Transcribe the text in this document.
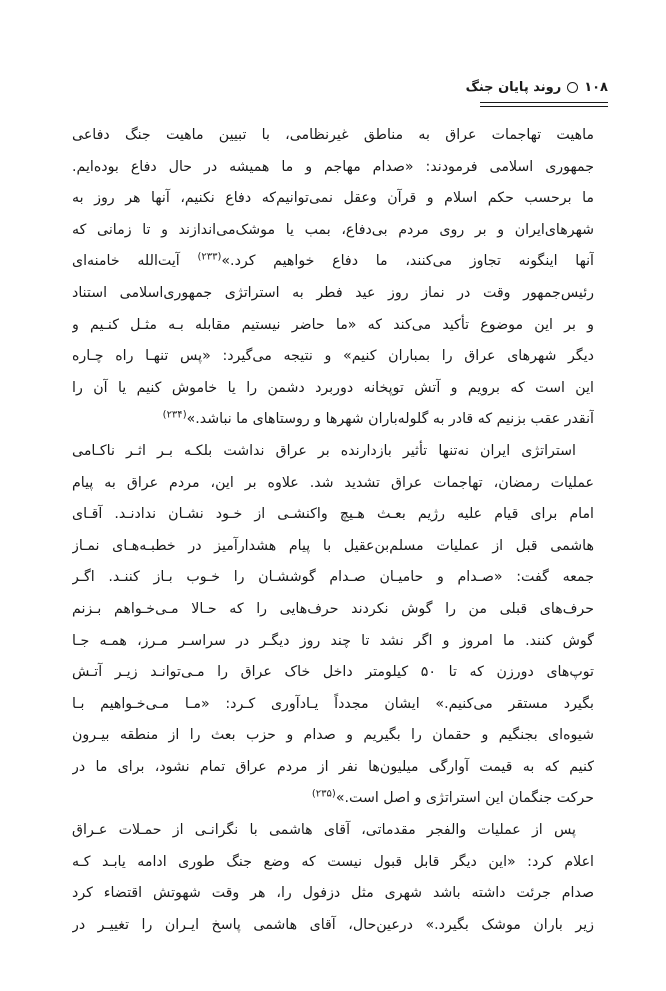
۱۰۸
روند پایان جنگ
ماهیت تهاجمات عراق به مناطق غیرنظامی، با تبیین ماهیت جنگ دفاعی
جمهوری اسلامی فرمودند: «صدام مهاجم و ما همیشه در حال دفاع بوده‌ایم.
ما برحسب حکم اسلام و قرآن وعقل نمی‌توانیم‌که دفاع نکنیم، آنها هر روز به
شهرهای‌ایران و بر روی مردم بی‌دفاع، بمب یا موشک‌می‌اندازند و تا زمانی که
آنها اینگونه تجاوز می‌کنند، ما دفاع خواهیم کرد.»$^{(۲۳۳)}$ آیت‌الله خامنه‌ای
رئیس‌جمهور وقت در نماز روز عید فطر به استراتژی جمهوری‌اسلامی استناد
و بر این موضوع تأکید می‌کند که «ما حاضر نیستیم مقابله بـه مثـل کنـیم و
دیگر شهرهای عراق را بمباران کنیم» و نتیجه می‌گیرد: «پس تنهـا راه چـاره
این است که برویم و آتش توپخانه دوربرد دشمن را یا خاموش کنیم یا آن را
آنقدر عقب بزنیم که قادر به گلوله‌باران شهرها و روستاهای ما نباشد.»$^{(۲۳۴)}$
استراتژی ایران نه‌تنها تأثیر بازدارنده بر عراق نداشت بلکـه بـر اثـر ناکـامی
عملیات رمضان، تهاجمات عراق تشدید شد. علاوه بر این، مردم عراق به پیام
امام برای قیام علیه رژیم بعـث هـیچ واکنشـی از خـود نشـان ندادنـد. آقـای
هاشمی قبل از عملیات مسلم‌بن‌عقیل با پیام هشدارآمیز در خطبـه‌هـای نمـاز
جمعه گفت: «صـدام و حامیـان صـدام گوششـان را خـوب بـاز کننـد. اگـر
حرف‌های قبلی من را گوش نکردند حرف‌هایی را که حـالا مـی‌خـواهم بـزنم
گوش کنند. ما امروز و اگر نشد تا چند روز دیگـر در سراسـر مـرز، همـه جـا
توپ‌های دورزن که تا ۵۰ کیلومتر داخل خاک عراق را مـی‌توانـد زیـر آتـش
بگیرد مستقر می‌کنیم.» ایشان مجدداً یـادآوری کـرد: «مـا مـی‌خـواهیم بـا
شیوه‌ای بجنگیم و حقمان را بگیریم و صدام و حزب بعث را از منطقه بیـرون
کنیم که به قیمت آوارگی میلیون‌ها نفر از مردم عراق تمام نشود، برای ما در
حرکت جنگمان این استراتژی و اصل است.»$^{(۲۳۵)}$
پس از عملیات والفجر مقدماتی، آقای هاشمی با نگرانـی از حمـلات عـراق
اعلام کرد: «این دیگر قابل قبول نیست که وضع جنگ طوری ادامه یابـد کـه
صدام جرئت داشته باشد شهری مثل دزفول را، هر وقت شهوتش اقتضاء کرد
زیر باران موشک بگیرد.» درعین‌حال، آقای هاشمی پاسخ ایـران را تغییـر در
